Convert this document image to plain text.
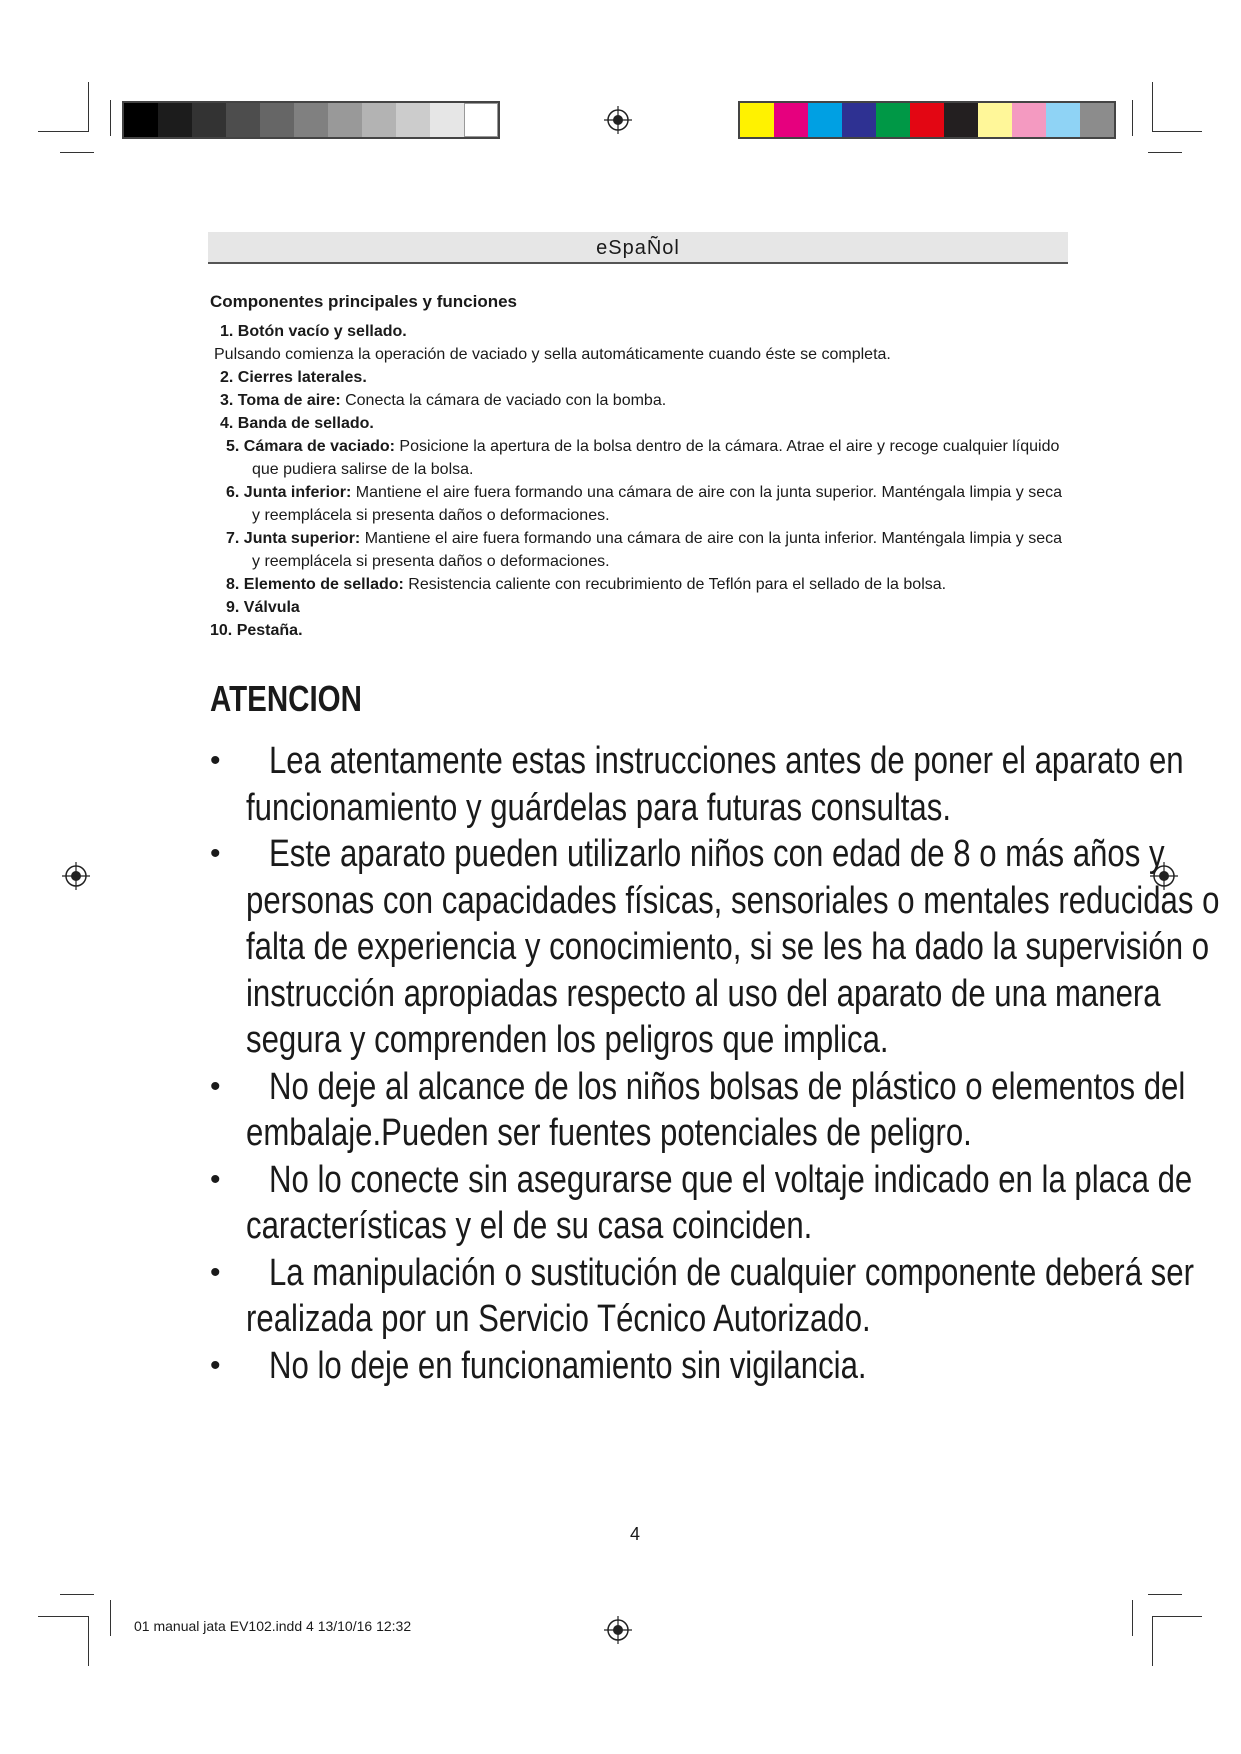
eSpaÑol
Componentes principales y funciones
1. Botón vacío y sellado.
Pulsando comienza la operación de vaciado y sella automáticamente cuando éste se completa.
2. Cierres laterales.
3. Toma de aire: Conecta la cámara de vaciado con la bomba.
4. Banda de sellado.
5. Cámara de vaciado: Posicione la apertura de la bolsa dentro de la cámara. Atrae el aire y recoge cualquier líquido que pudiera salirse de la bolsa.
6. Junta inferior: Mantiene el aire fuera formando una cámara de aire con la junta superior. Manténgala limpia y seca y reemplácela si presenta daños o deformaciones.
7. Junta superior: Mantiene el aire fuera formando una cámara de aire con la junta inferior. Manténgala limpia y seca y reemplácela si presenta daños o deformaciones.
8. Elemento de sellado: Resistencia caliente con recubrimiento de Teflón para el sellado de la bolsa.
9. Válvula
10. Pestaña.
ATENCION
•	Lea atentamente estas instrucciones antes de poner el aparato en funcionamiento y guárdelas para futuras consultas.
•	Este aparato pueden utilizarlo niños con edad de 8 o más años y personas con capacidades físicas, sensoriales o mentales reducidas o falta de experiencia y conocimiento, si se les ha dado la supervisión o instrucción apropiadas respecto al uso del aparato de una manera segura y comprenden los peligros que implica.
•	No deje al alcance de los niños bolsas de plástico o elementos del embalaje.Pueden ser fuentes potenciales de peligro.
•	No lo conecte sin asegurarse que el voltaje indicado en la placa de características y el de su casa coinciden.
•	La manipulación o sustitución de cualquier componente deberá ser realizada por un Servicio Técnico Autorizado.
•	No lo deje en funcionamiento sin vigilancia.
4
01 manual jata EV102.indd 4 13/10/16 12:32
